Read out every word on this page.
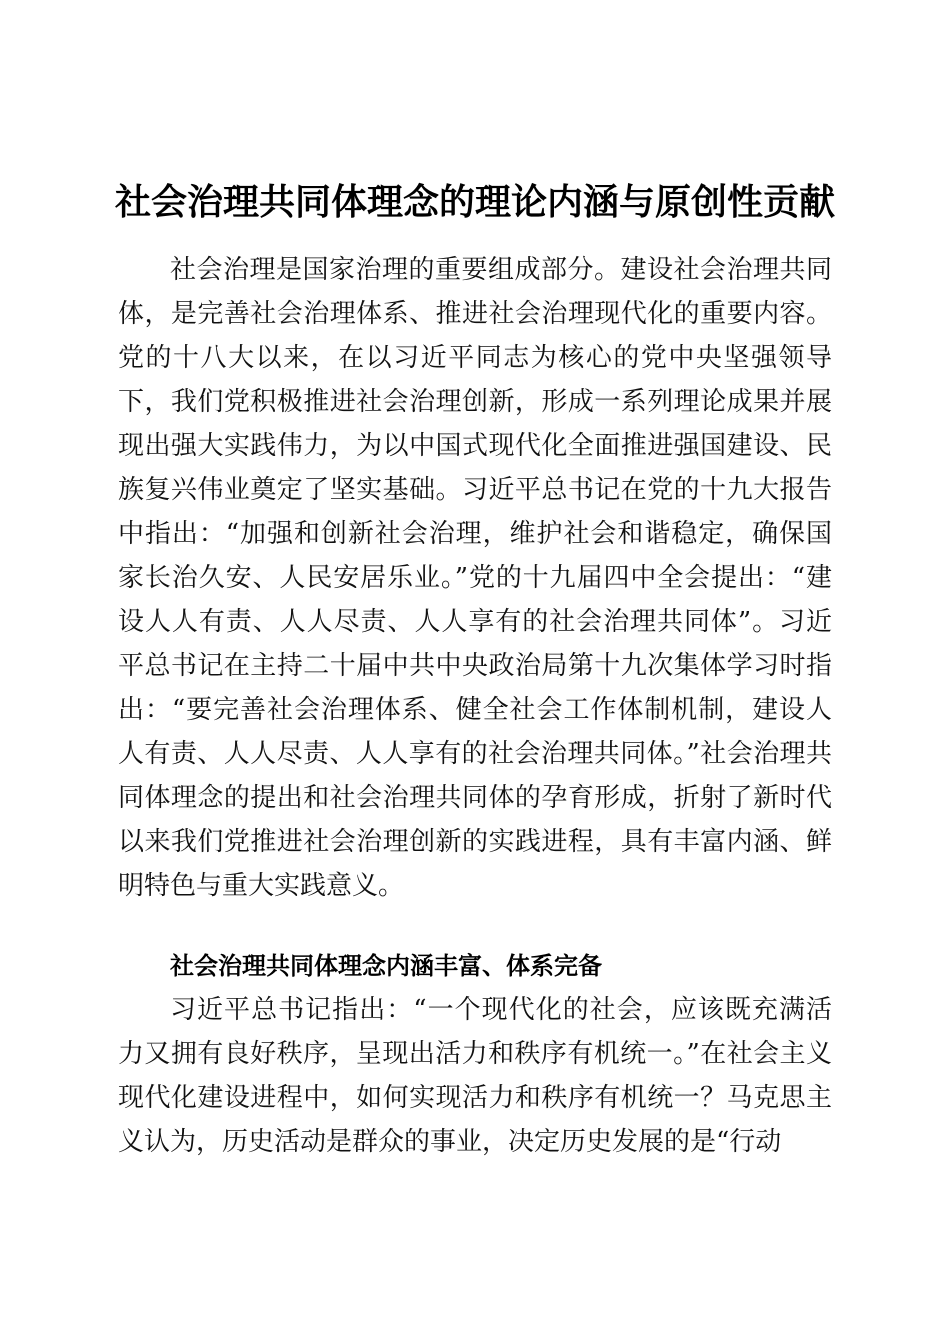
社会治理共同体理念的理论内涵与原创性贡献

社会治理是国家治理的重要组成部分。建设社会治理共同体，是完善社会治理体系、推进社会治理现代化的重要内容。党的十八大以来，在以习近平同志为核心的党中央坚强领导下，我们党积极推进社会治理创新，形成一系列理论成果并展现出强大实践伟力，为以中国式现代化全面推进强国建设、民族复兴伟业奠定了坚实基础。习近平总书记在党的十九大报告中指出：“加强和创新社会治理，维护社会和谐稳定，确保国家长治久安、人民安居乐业。”党的十九届四中全会提出：“建设人人有责、人人尽责、人人享有的社会治理共同体”。习近平总书记在主持二十届中共中央政治局第十九次集体学习时指出：“要完善社会治理体系、健全社会工作体制机制，建设人人有责、人人尽责、人人享有的社会治理共同体。”社会治理共同体理念的提出和社会治理共同体的孕育形成，折射了新时代以来我们党推进社会治理创新的实践进程，具有丰富内涵、鲜明特色与重大实践意义。

社会治理共同体理念内涵丰富、体系完备

习近平总书记指出：“一个现代化的社会，应该既充满活力又拥有良好秩序，呈现出活力和秩序有机统一。”在社会主义现代化建设进程中，如何实现活力和秩序有机统一？马克思主义认为，历史活动是群众的事业，决定历史发展的是“行动
